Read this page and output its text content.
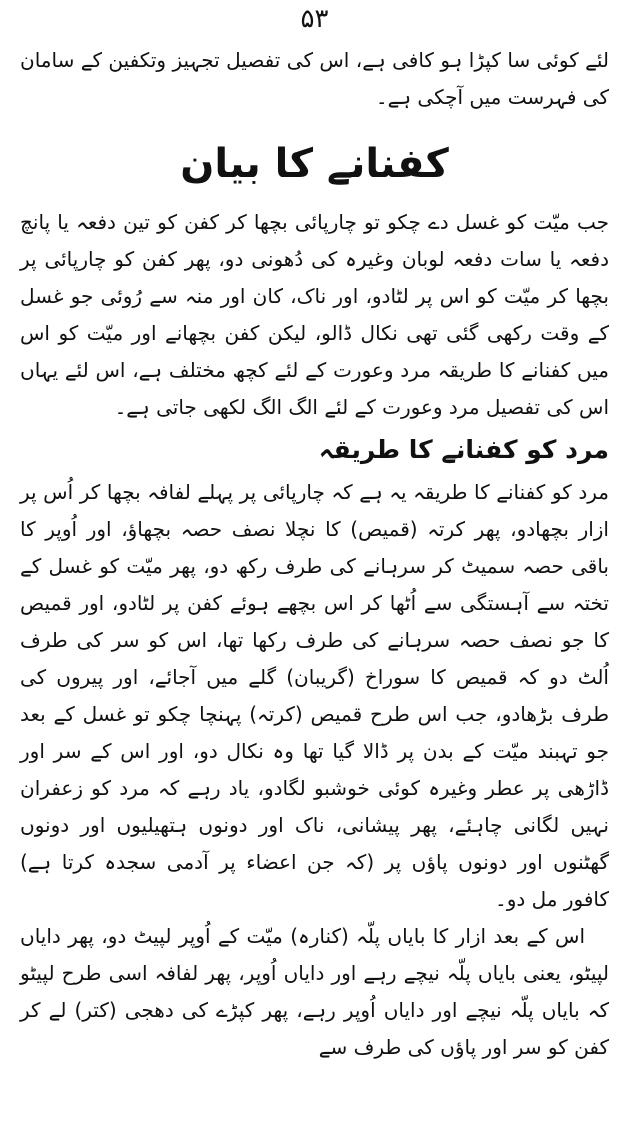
۵۳

لئے کوئی سا کپڑا ہو کافی ہے، اس کی تفصیل تجہیز وتکفین کے سامان کی فہرست میں آچکی ہے۔

کفنانے کا بیان

جب میّت کو غسل دے چکو تو چارپائی بچھا کر کفن کو تین دفعہ یا پانچ دفعہ یا سات دفعہ لوبان وغیرہ کی دُھونی دو، پھر کفن کو چارپائی پر بچھا کر میّت کو اس پر لٹادو، اور ناک، کان اور منہ سے رُوئی جو غسل کے وقت رکھی گئی تھی نکال ڈالو، لیکن کفن بچھانے اور میّت کو اس میں کفنانے کا طریقہ مرد وعورت کے لئے کچھ مختلف ہے، اس لئے یہاں اس کی تفصیل مرد وعورت کے لئے الگ الگ لکھی جاتی ہے۔

مرد کو کفنانے کا طریقہ

مرد کو کفنانے کا طریقہ یہ ہے کہ چارپائی پر پہلے لفافہ بچھا کر اُس پر ازار بچھادو، پھر کرتہ (قمیص) کا نچلا نصف حصہ بچھاؤ، اور اُوپر کا باقی حصہ سمیٹ کر سرہانے کی طرف رکھ دو، پھر میّت کو غسل کے تختہ سے آہستگی سے اُٹھا کر اس بچھے ہوئے کفن پر لٹادو، اور قمیص کا جو نصف حصہ سرہانے کی طرف رکھا تھا، اس کو سر کی طرف اُلٹ دو کہ قمیص کا سوراخ (گریبان) گلے میں آجائے، اور پیروں کی طرف بڑھادو، جب اس طرح قمیص (کرتہ) پہنچا چکو تو غسل کے بعد جو تہبند میّت کے بدن پر ڈالا گیا تھا وہ نکال دو، اور اس کے سر اور ڈاڑھی پر عطر وغیرہ کوئی خوشبو لگادو، یاد رہے کہ مرد کو زعفران نہیں لگانی چاہئے، پھر پیشانی، ناک اور دونوں ہتھیلیوں اور دونوں گھٹنوں اور دونوں پاؤں پر (کہ جن اعضاء پر آدمی سجدہ کرتا ہے) کافور مل دو۔

اس کے بعد ازار کا بایاں پلّہ (کنارہ) میّت کے اُوپر لپیٹ دو، پھر دایاں لپیٹو، یعنی بایاں پلّہ نیچے رہے اور دایاں اُوپر، پھر لفافہ اسی طرح لپیٹو کہ بایاں پلّہ نیچے اور دایاں اُوپر رہے، پھر کپڑے کی دھجی (کتر) لے کر کفن کو سر اور پاؤں کی طرف سے
